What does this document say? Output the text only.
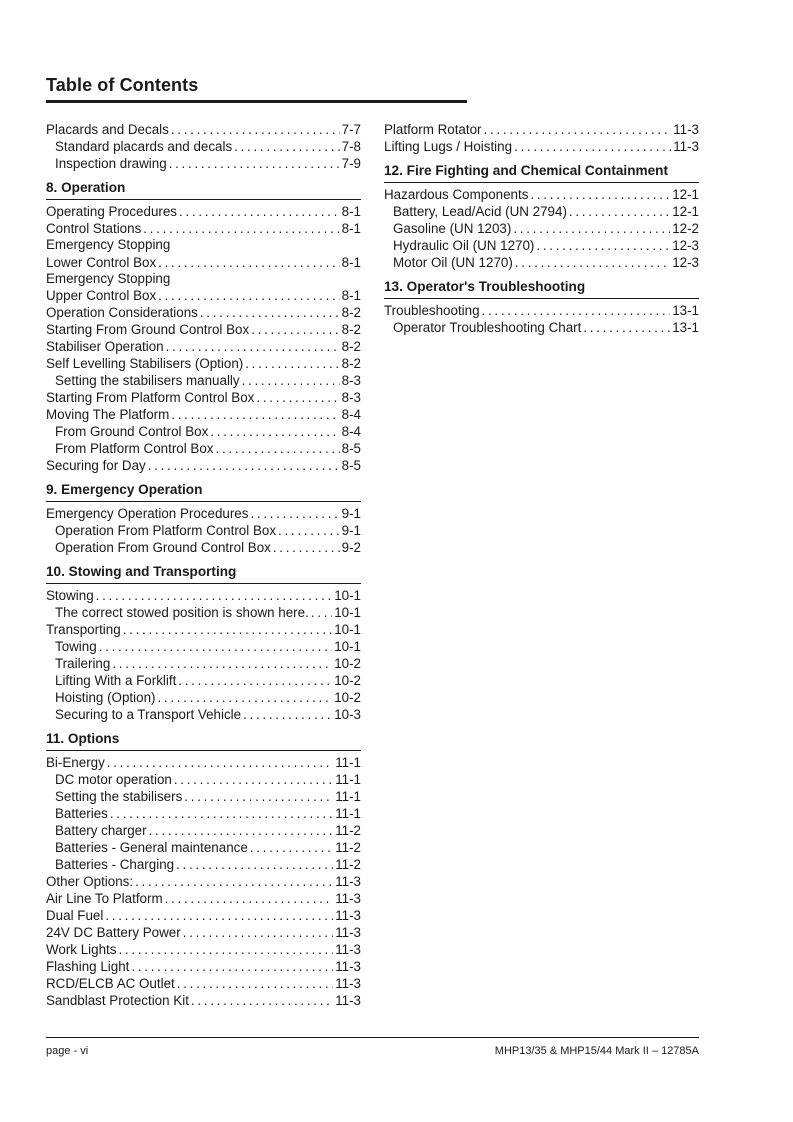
Table of Contents
Placards and Decals . . .	7-7
Standard placards and decals . . .	7-8
Inspection drawing . . .	7-9
8. Operation
Operating Procedures . . .	8-1
Control Stations . . .	8-1
Emergency Stopping
Lower Control Box . . .	8-1
Emergency Stopping
Upper Control Box . . .	8-1
Operation Considerations . . .	8-2
Starting From Ground Control Box . . .	8-2
Stabiliser Operation . . .	8-2
Self Levelling Stabilisers (Option) . . .	8-2
Setting the stabilisers manually . . .	8-3
Starting From Platform Control Box . . .	8-3
Moving The Platform . . .	8-4
From Ground Control Box . . .	8-4
From Platform Control Box . . .	8-5
Securing for Day . . .	8-5
9. Emergency Operation
Emergency Operation Procedures . . .	9-1
Operation From Platform Control Box . . .	9-1
Operation From Ground Control Box . . .	9-2
10. Stowing and Transporting
Stowing . . .	10-1
The correct stowed position is shown here. . . . 10-1
Transporting . . .	10-1
Towing . . .	10-1
Trailering . . .	10-2
Lifting With a Forklift . . .	10-2
Hoisting (Option) . . .	10-2
Securing to a Transport Vehicle . . .	10-3
11. Options
Bi-Energy . . .	11-1
DC motor operation . . .	11-1
Setting the stabilisers . . .	11-1
Batteries . . .	11-1
Battery charger . . .	11-2
Batteries - General maintenance . . .	11-2
Batteries - Charging . . .	11-2
Other Options: . . .	11-3
Air Line To Platform . . .	11-3
Dual Fuel . . .	11-3
24V DC Battery Power . . .	11-3
Work Lights . . .	11-3
Flashing Light . . .	11-3
RCD/ELCB AC Outlet . . .	11-3
Sandblast Protection Kit . . .	11-3
Platform Rotator . . .	11-3
Lifting Lugs / Hoisting . . .	11-3
12. Fire Fighting and Chemical Containment
Hazardous Components . . .	12-1
Battery, Lead/Acid (UN 2794) . . .	12-1
Gasoline (UN 1203) . . .	12-2
Hydraulic Oil (UN 1270) . . .	12-3
Motor Oil (UN 1270) . . .	12-3
13. Operator's Troubleshooting
Troubleshooting . . .	13-1
Operator Troubleshooting Chart . . .	13-1
page - vi	MHP13/35 & MHP15/44 Mark II – 12785A
